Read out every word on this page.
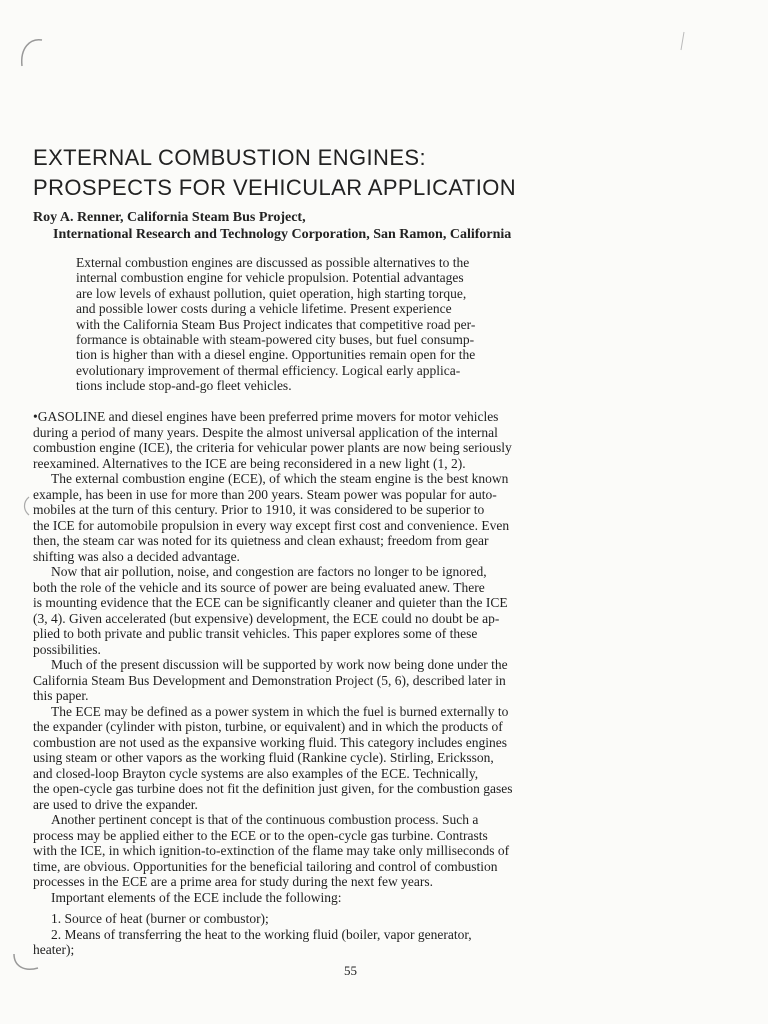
EXTERNAL COMBUSTION ENGINES:
PROSPECTS FOR VEHICULAR APPLICATION
Roy A. Renner, California Steam Bus Project,
International Research and Technology Corporation, San Ramon, California
External combustion engines are discussed as possible alternatives to the
internal combustion engine for vehicle propulsion. Potential advantages
are low levels of exhaust pollution, quiet operation, high starting torque,
and possible lower costs during a vehicle lifetime. Present experience
with the California Steam Bus Project indicates that competitive road per-
formance is obtainable with steam-powered city buses, but fuel consump-
tion is higher than with a diesel engine. Opportunities remain open for the
evolutionary improvement of thermal efficiency. Logical early applica-
tions include stop-and-go fleet vehicles.
•GASOLINE and diesel engines have been preferred prime movers for motor vehicles
during a period of many years. Despite the almost universal application of the internal
combustion engine (ICE), the criteria for vehicular power plants are now being seriously
reexamined. Alternatives to the ICE are being reconsidered in a new light (1, 2).
The external combustion engine (ECE), of which the steam engine is the best known
example, has been in use for more than 200 years. Steam power was popular for auto-
mobiles at the turn of this century. Prior to 1910, it was considered to be superior to
the ICE for automobile propulsion in every way except first cost and convenience. Even
then, the steam car was noted for its quietness and clean exhaust; freedom from gear
shifting was also a decided advantage.
Now that air pollution, noise, and congestion are factors no longer to be ignored,
both the role of the vehicle and its source of power are being evaluated anew. There
is mounting evidence that the ECE can be significantly cleaner and quieter than the ICE
(3, 4). Given accelerated (but expensive) development, the ECE could no doubt be ap-
plied to both private and public transit vehicles. This paper explores some of these
possibilities.
Much of the present discussion will be supported by work now being done under the
California Steam Bus Development and Demonstration Project (5, 6), described later in
this paper.
The ECE may be defined as a power system in which the fuel is burned externally to
the expander (cylinder with piston, turbine, or equivalent) and in which the products of
combustion are not used as the expansive working fluid. This category includes engines
using steam or other vapors as the working fluid (Rankine cycle). Stirling, Ericksson,
and closed-loop Brayton cycle systems are also examples of the ECE. Technically,
the open-cycle gas turbine does not fit the definition just given, for the combustion gases
are used to drive the expander.
Another pertinent concept is that of the continuous combustion process. Such a
process may be applied either to the ECE or to the open-cycle gas turbine. Contrasts
with the ICE, in which ignition-to-extinction of the flame may take only milliseconds of
time, are obvious. Opportunities for the beneficial tailoring and control of combustion
processes in the ECE are a prime area for study during the next few years.
Important elements of the ECE include the following:
1. Source of heat (burner or combustor);
2. Means of transferring the heat to the working fluid (boiler, vapor generator,
heater);
55
